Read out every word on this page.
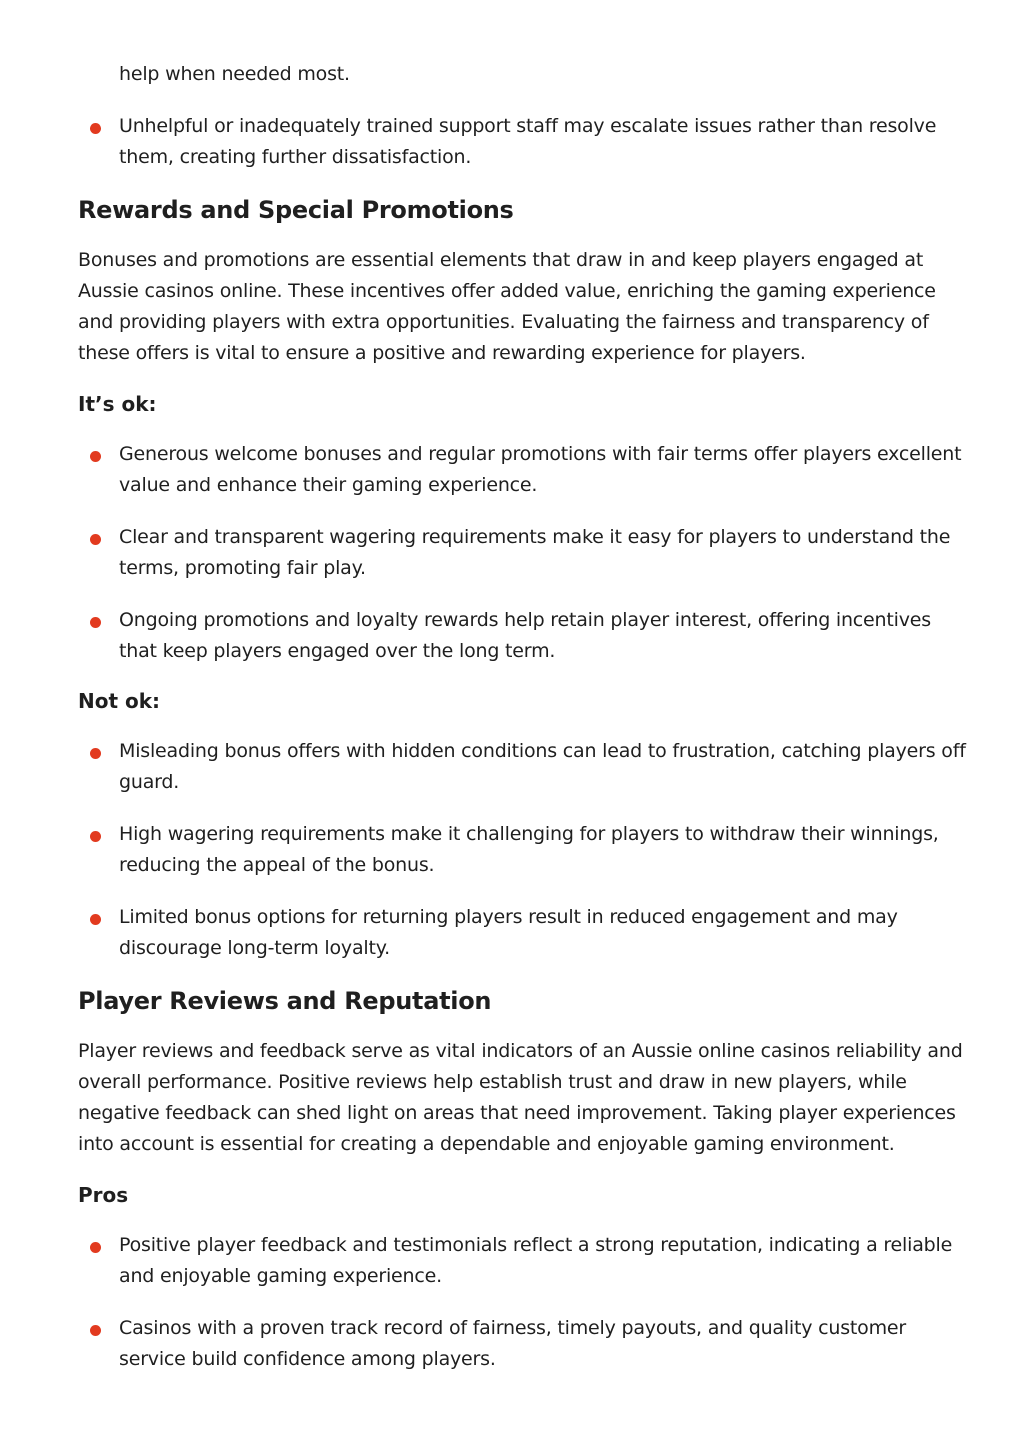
help when needed most.
Unhelpful or inadequately trained support staff may escalate issues rather than resolve them, creating further dissatisfaction.
Rewards and Special Promotions

Bonuses and promotions are essential elements that draw in and keep players engaged at Aussie casinos online. These incentives offer added value, enriching the gaming experience and providing players with extra opportunities. Evaluating the fairness and transparency of these offers is vital to ensure a positive and rewarding experience for players.

It’s ok:
Generous welcome bonuses and regular promotions with fair terms offer players excellent value and enhance their gaming experience.
Clear and transparent wagering requirements make it easy for players to understand the terms, promoting fair play.
Ongoing promotions and loyalty rewards help retain player interest, offering incentives that keep players engaged over the long term.
Not ok:
Misleading bonus offers with hidden conditions can lead to frustration, catching players off guard.
High wagering requirements make it challenging for players to withdraw their winnings, reducing the appeal of the bonus.
Limited bonus options for returning players result in reduced engagement and may discourage long-term loyalty.
Player Reviews and Reputation

Player reviews and feedback serve as vital indicators of an Aussie online casinos reliability and overall performance. Positive reviews help establish trust and draw in new players, while negative feedback can shed light on areas that need improvement. Taking player experiences into account is essential for creating a dependable and enjoyable gaming environment.

Pros
Positive player feedback and testimonials reflect a strong reputation, indicating a reliable and enjoyable gaming experience.
Casinos with a proven track record of fairness, timely payouts, and quality customer service build confidence among players.
